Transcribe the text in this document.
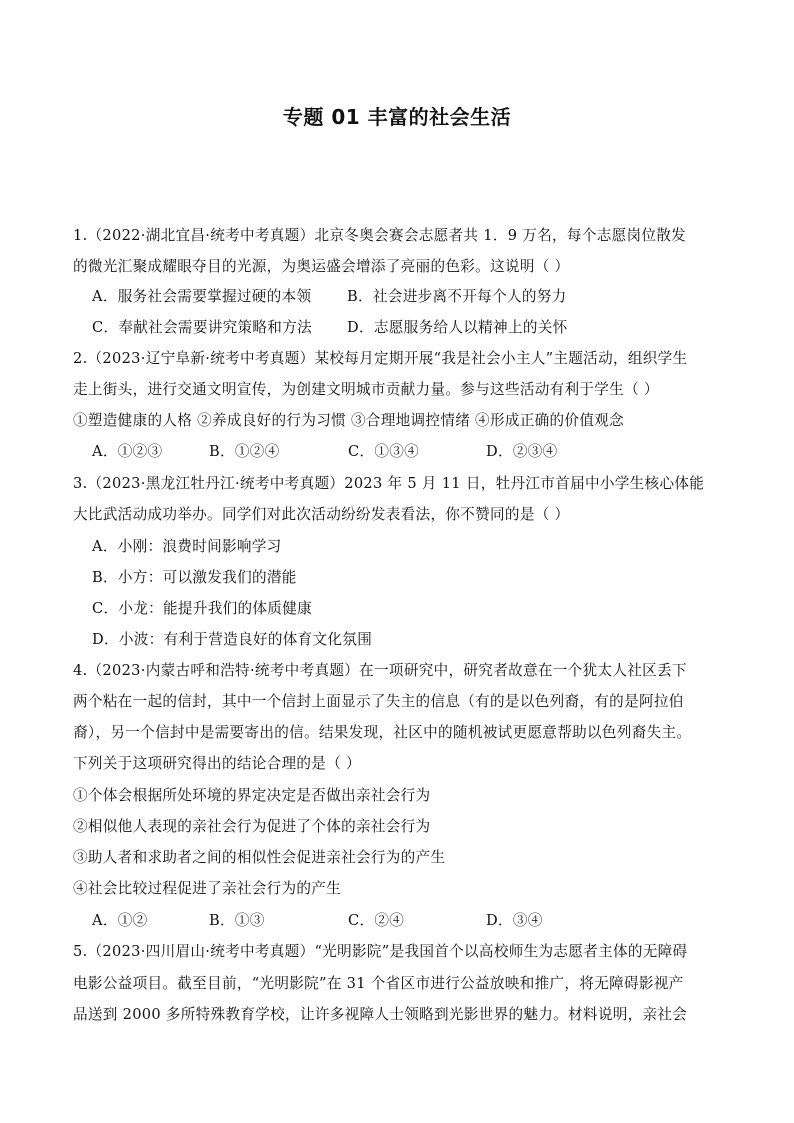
专题 01 丰富的社会生活
1.（2022·湖北宜昌·统考中考真题）北京冬奥会赛会志愿者共 1．9 万名，每个志愿岗位散发
的微光汇聚成耀眼夺目的光源，为奥运盛会增添了亮丽的色彩。这说明（ ）
A．服务社会需要掌握过硬的本领 B．社会进步离不开每个人的努力
C．奉献社会需要讲究策略和方法 D．志愿服务给人以精神上的关怀
2.（2023·辽宁阜新·统考中考真题）某校每月定期开展“我是社会小主人”主题活动，组织学生
走上街头，进行交通文明宣传，为创建文明城市贡献力量。参与这些活动有利于学生（ ）
①塑造健康的人格 ②养成良好的行为习惯 ③合理地调控情绪 ④形成正确的价值观念
A．①②③	B．①②④	C．①③④	D．②③④
3.（2023·黑龙江牡丹江·统考中考真题）2023 年 5 月 11 日，牡丹江市首届中小学生核心体能
大比武活动成功举办。同学们对此次活动纷纷发表看法，你不赞同的是（ ）
A．小刚：浪费时间影响学习
B．小方：可以激发我们的潜能
C．小龙：能提升我们的体质健康
D．小波：有利于营造良好的体育文化氛围
4.（2023·内蒙古呼和浩特·统考中考真题）在一项研究中，研究者故意在一个犹太人社区丢下
两个粘在一起的信封，其中一个信封上面显示了失主的信息（有的是以色列裔，有的是阿拉伯
裔），另一个信封中是需要寄出的信。结果发现，社区中的随机被试更愿意帮助以色列裔失主。
下列关于这项研究得出的结论合理的是（ ）
①个体会根据所处环境的界定决定是否做出亲社会行为
②相似他人表现的亲社会行为促进了个体的亲社会行为
③助人者和求助者之间的相似性会促进亲社会行为的产生
④社会比较过程促进了亲社会行为的产生
A．①②	B．①③	C．②④	D．③④
5.（2023·四川眉山·统考中考真题）“光明影院”是我国首个以高校师生为志愿者主体的无障碍
电影公益项目。截至目前，“光明影院”在 31 个省区市进行公益放映和推广，将无障碍影视产
品送到 2000 多所特殊教育学校，让许多视障人士领略到光影世界的魅力。材料说明，亲社会
